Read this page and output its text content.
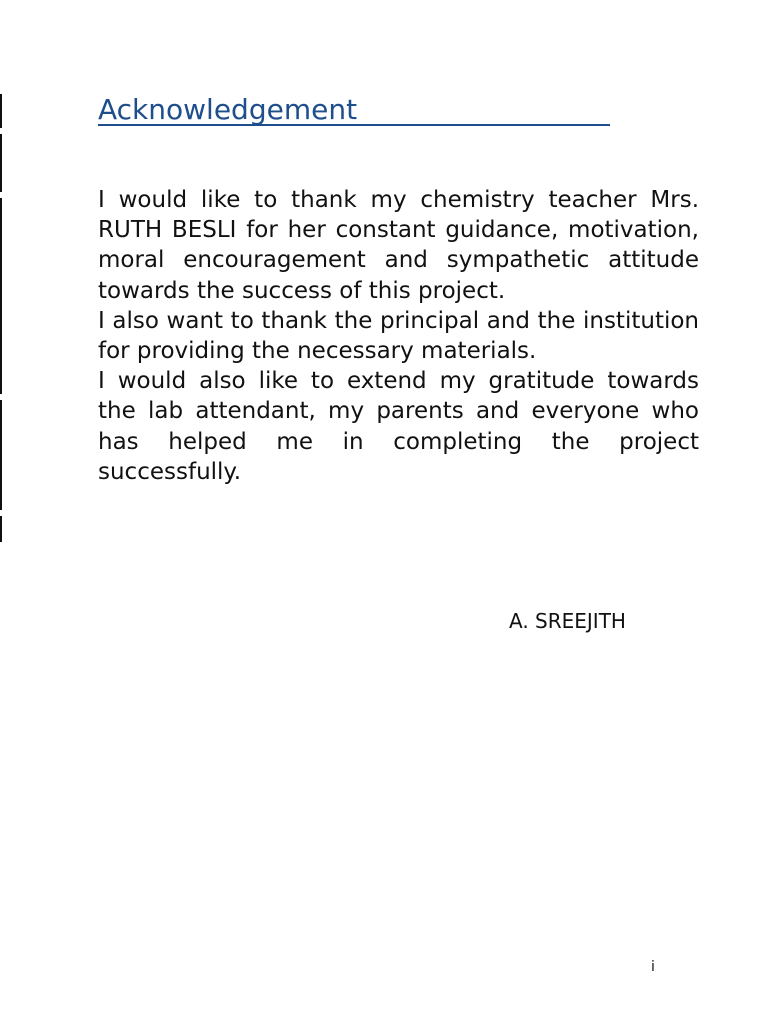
Acknowledgement

I would like to thank my chemistry teacher Mrs. RUTH BESLI for her constant guidance, motivation, moral encouragement and sympathetic attitude towards the success of this project.

I also want to thank the principal and the institution for providing the necessary materials.

I would also like to extend my gratitude towards the lab attendant, my parents and everyone who has helped me in completing the project successfully.

A. SREEJITH
i
